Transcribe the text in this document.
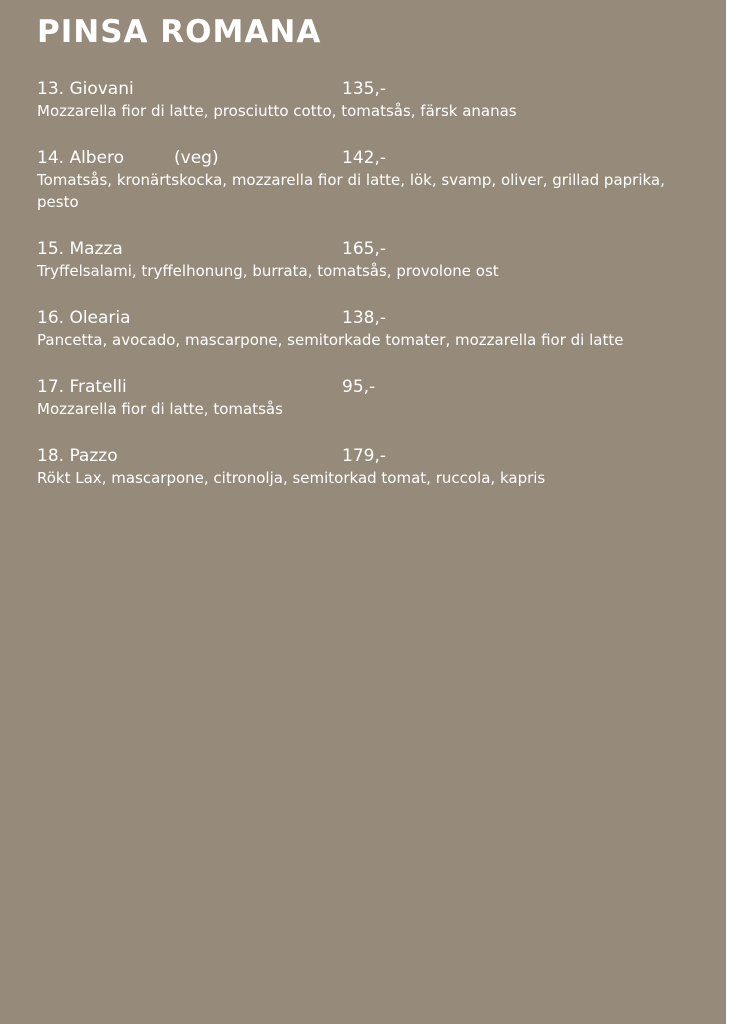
PINSA ROMANA
13. Giovani	135,-
Mozzarella fior di latte, prosciutto cotto, tomatsås, färsk ananas
14. Albero	(veg)	142,-
Tomatsås, kronärtskocka, mozzarella fior di latte, lök, svamp, oliver, grillad paprika, pesto
15. Mazza	165,-
Tryffelsalami, tryffelhonung, burrata, tomatsås, provolone ost
16. Olearia	138,-
Pancetta, avocado, mascarpone, semitorkade tomater, mozzarella fior di latte
17. Fratelli	95,-
Mozzarella fior di latte, tomatsås
18. Pazzo	179,-
Rökt Lax, mascarpone, citronolja, semitorkad tomat, ruccola, kapris
